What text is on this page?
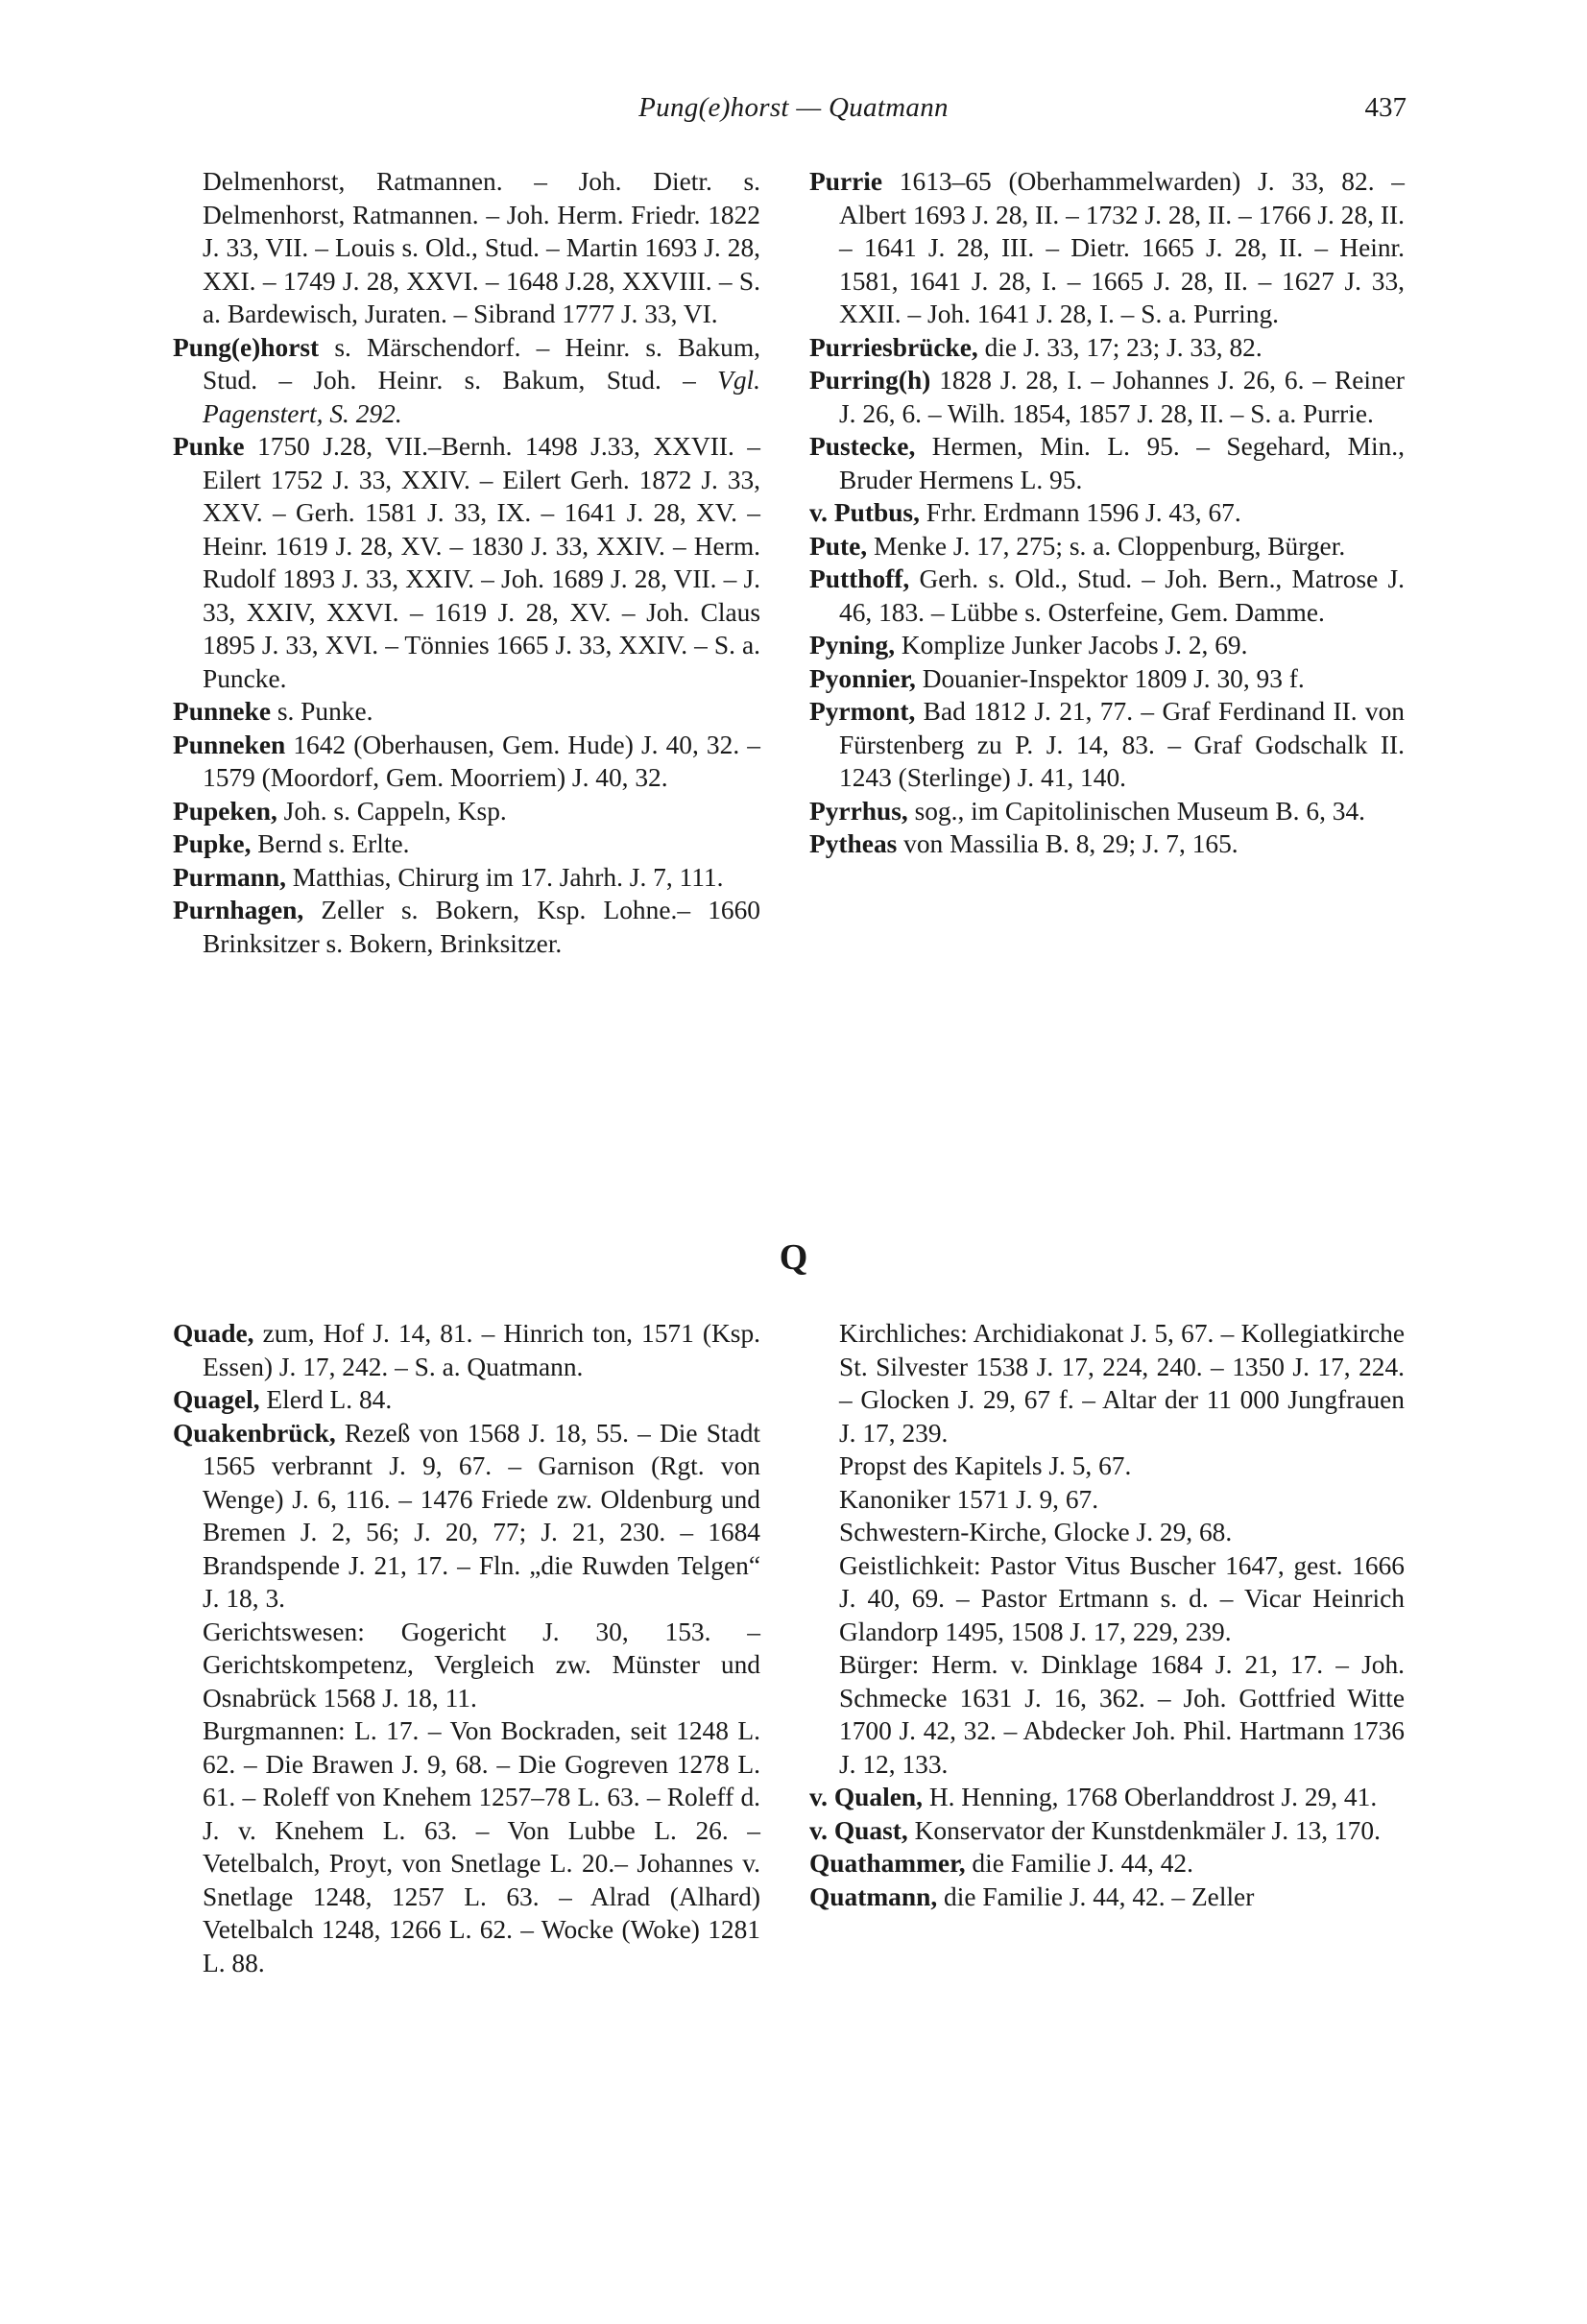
Pung(e)horst — Quatmann	437

Delmenhorst, Ratmannen. – Joh. Dietr. s. Delmenhorst, Ratmannen. – Joh. Herm. Friedr. 1822 J. 33, VII. – Louis s. Old., Stud. – Martin 1693 J. 28, XXI. – 1749 J. 28, XXVI. – 1648 J.28, XXVIII. – S. a. Bardewisch, Juraten. – Sibrand 1777 J. 33, VI.

Pung(e)horst s. Märschendorf. – Heinr. s. Bakum, Stud. – Joh. Heinr. s. Bakum, Stud. – Vgl. Pagenstert, S. 292.

Punke 1750 J.28, VII.–Bernh. 1498 J.33, XXVII. – Eilert 1752 J. 33, XXIV. – Eilert Gerh. 1872 J. 33, XXV. – Gerh. 1581 J. 33, IX. – 1641 J. 28, XV. – Heinr. 1619 J. 28, XV. – 1830 J. 33, XXIV. – Herm. Rudolf 1893 J. 33, XXIV. – Joh. 1689 J. 28, VII. – J. 33, XXIV, XXVI. – 1619 J. 28, XV. – Joh. Claus 1895 J. 33, XVI. – Tönnies 1665 J. 33, XXIV. – S. a. Puncke.

Punneke s. Punke.

Punneken 1642 (Oberhausen, Gem. Hude) J. 40, 32. – 1579 (Moordorf, Gem. Moorriem) J. 40, 32.

Pupeken, Joh. s. Cappeln, Ksp.

Pupke, Bernd s. Erlte.

Purmann, Matthias, Chirurg im 17. Jahrh. J. 7, 111.

Purnhagen, Zeller s. Bokern, Ksp. Lohne.– 1660 Brinksitzer s. Bokern, Brinksitzer.

Purrie 1613–65 (Oberhammelwarden) J. 33, 82. – Albert 1693 J. 28, II. – 1732 J. 28, II. – 1766 J. 28, II. – 1641 J. 28, III. – Dietr. 1665 J. 28, II. – Heinr. 1581, 1641 J. 28, I. – 1665 J. 28, II. – 1627 J. 33, XXII. – Joh. 1641 J. 28, I. – S. a. Purring.

Purriesbrücke, die J. 33, 17; 23; J. 33, 82.

Purring(h) 1828 J. 28, I. – Johannes J. 26, 6. – Reiner J. 26, 6. – Wilh. 1854, 1857 J. 28, II. – S. a. Purrie.

Pustecke, Hermen, Min. L. 95. – Segehard, Min., Bruder Hermens L. 95.

v. Putbus, Frhr. Erdmann 1596 J. 43, 67.

Pute, Menke J. 17, 275; s. a. Cloppenburg, Bürger.

Putthoff, Gerh. s. Old., Stud. – Joh. Bern., Matrose J. 46, 183. – Lübbe s. Osterfeine, Gem. Damme.

Pyning, Komplize Junker Jacobs J. 2, 69.

Pyonnier, Douanier-Inspektor 1809 J. 30, 93 f.

Pyrmont, Bad 1812 J. 21, 77. – Graf Ferdinand II. von Fürstenberg zu P. J. 14, 83. – Graf Godschalk II. 1243 (Sterlinge) J. 41, 140.

Pyrrhus, sog., im Capitolinischen Museum B. 6, 34.

Pytheas von Massilia B. 8, 29; J. 7, 165.

Q

Quade, zum, Hof J. 14, 81. – Hinrich ton, 1571 (Ksp. Essen) J. 17, 242. – S. a. Quatmann.

Quagel, Elerd L. 84.

Quakenbrück, Rezeß von 1568 J. 18, 55. – Die Stadt 1565 verbrannt J. 9, 67. – Garnison (Rgt. von Wenge) J. 6, 116. – 1476 Friede zw. Oldenburg und Bremen J. 2, 56; J. 20, 77; J. 21, 230. – 1684 Brandspende J. 21, 17. – Fln. „die Ruwden Telgen“ J. 18, 3.

Gerichtswesen: Gogericht J. 30, 153. – Gerichtskompetenz, Vergleich zw. Münster und Osnabrück 1568 J. 18, 11.

Burgmannen: L. 17. – Von Bockraden, seit 1248 L. 62. – Die Brawen J. 9, 68. – Die Gogreven 1278 L. 61. – Roleff von Knehem 1257–78 L. 63. – Roleff d. J. v. Knehem L. 63. – Von Lubbe L. 26. – Vetelbalch, Proyt, von Snetlage L. 20.– Johannes v. Snetlage 1248, 1257 L. 63. – Alrad (Alhard) Vetelbalch 1248, 1266 L. 62. – Wocke (Woke) 1281 L. 88.

Kirchliches: Archidiakonat J. 5, 67. – Kollegiatkirche St. Silvester 1538 J. 17, 224, 240. – 1350 J. 17, 224. – Glocken J. 29, 67 f. – Altar der 11 000 Jungfrauen J. 17, 239.

Propst des Kapitels J. 5, 67.

Kanoniker 1571 J. 9, 67.

Schwestern-Kirche, Glocke J. 29, 68.

Geistlichkeit: Pastor Vitus Buscher 1647, gest. 1666 J. 40, 69. – Pastor Ertmann s. d. – Vicar Heinrich Glandorp 1495, 1508 J. 17, 229, 239.

Bürger: Herm. v. Dinklage 1684 J. 21, 17. – Joh. Schmecke 1631 J. 16, 362. – Joh. Gottfried Witte 1700 J. 42, 32. – Abdecker Joh. Phil. Hartmann 1736 J. 12, 133.

v. Qualen, H. Henning, 1768 Oberlanddrost J. 29, 41.

v. Quast, Konservator der Kunstdenkmäler J. 13, 170.

Quathammer, die Familie J. 44, 42.

Quatmann, die Familie J. 44, 42. – Zeller
